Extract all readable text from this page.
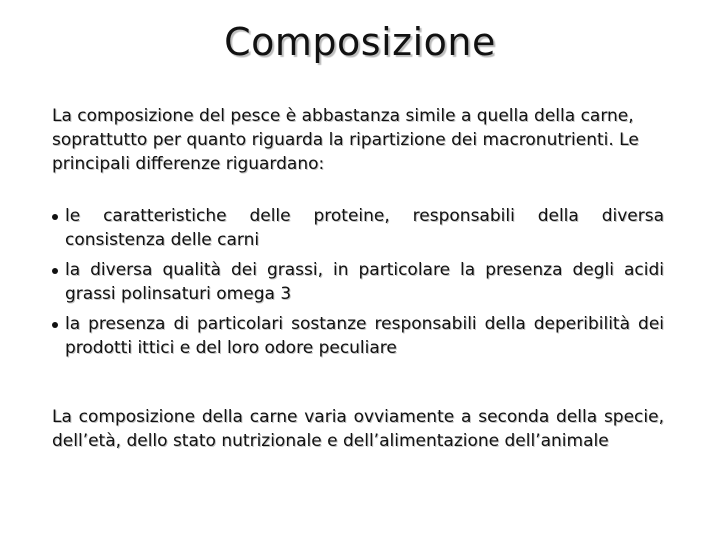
Composizione

La composizione del pesce è abbastanza simile a quella della carne, soprattutto per quanto riguarda la ripartizione dei macronutrienti. Le principali differenze riguardano:

le caratteristiche delle proteine, responsabili della diversa consistenza delle carni
la diversa qualità dei grassi, in particolare la presenza degli acidi grassi polinsaturi omega 3
la presenza di particolari sostanze responsabili della deperibilità dei prodotti ittici e del loro odore peculiare

La composizione della carne varia ovviamente a seconda della specie, dell’età, dello stato nutrizionale e dell’alimentazione dell’animale
